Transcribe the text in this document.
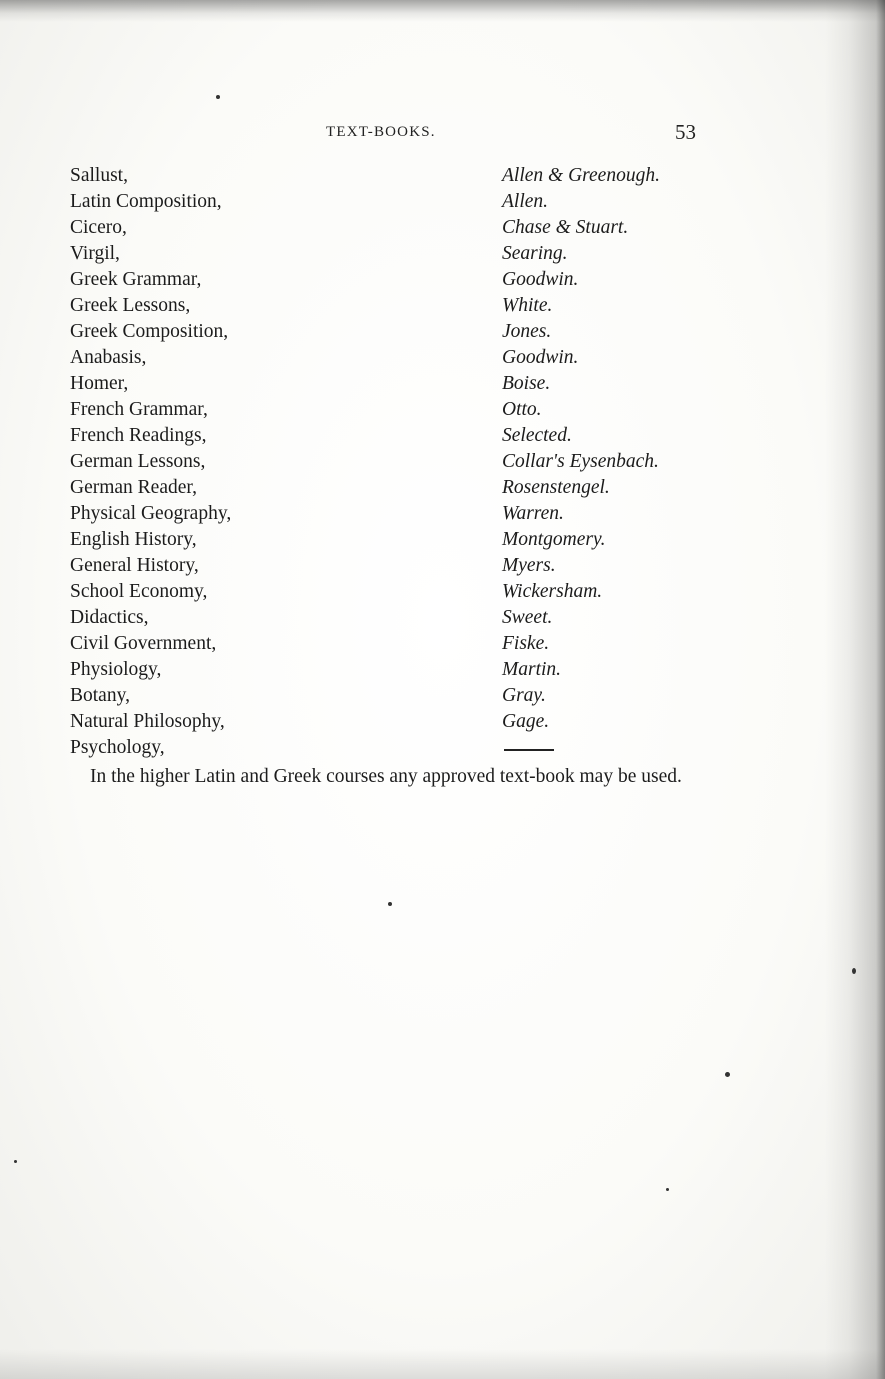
TEXT-BOOKS.	53
Sallust,	Allen & Greenough.
Latin Composition,	Allen.
Cicero,	Chase & Stuart.
Virgil,	Searing.
Greek Grammar,	Goodwin.
Greek Lessons,	White.
Greek Composition,	Jones.
Anabasis,	Goodwin.
Homer,	Boise.
French Grammar,	Otto.
French Readings,	Selected.
German Lessons,	Collar's Eysenbach.
German Reader,	Rosenstengel.
Physical Geography,	Warren.
English History,	Montgomery.
General History,	Myers.
School Economy,	Wickersham.
Didactics,	Sweet.
Civil Government,	Fiske.
Physiology,	Martin.
Botany,	Gray.
Natural Philosophy,	Gage.
Psychology,

In the higher Latin and Greek courses any approved text-book may be used.
